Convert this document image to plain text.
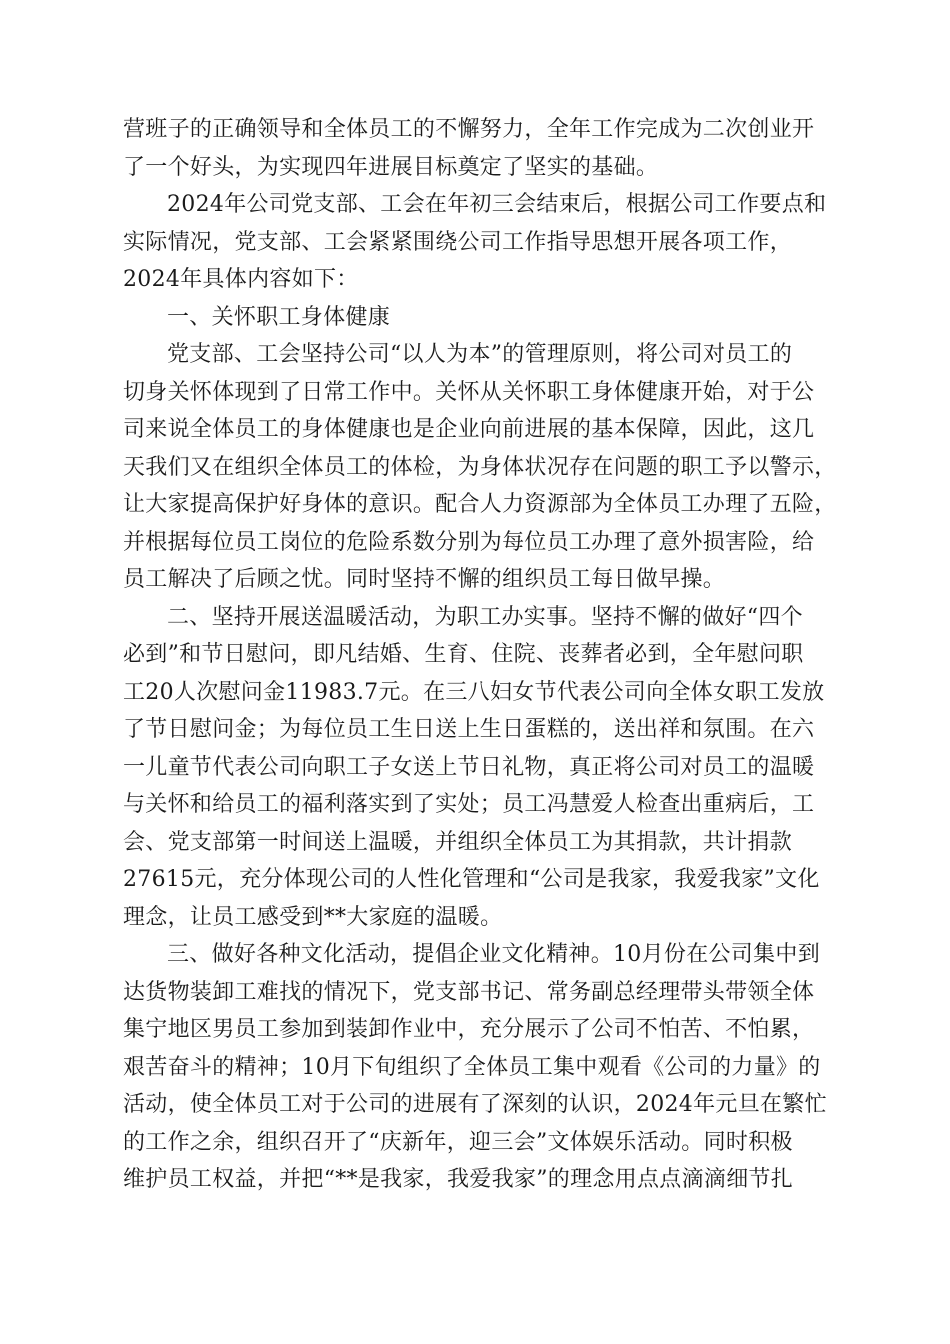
营班子的正确领导和全体员工的不懈努力，全年工作完成为二次创业开
了一个好头，为实现四年进展目标奠定了坚实的基础。
2024年公司党支部、工会在年初三会结束后，根据公司工作要点和
实际情况，党支部、工会紧紧围绕公司工作指导思想开展各项工作，
2024年具体内容如下：
一、关怀职工身体健康
党支部、工会坚持公司“以人为本”的管理原则，将公司对员工的
切身关怀体现到了日常工作中。关怀从关怀职工身体健康开始，对于公
司来说全体员工的身体健康也是企业向前进展的基本保障，因此，这几
天我们又在组织全体员工的体检，为身体状况存在问题的职工予以警示，
让大家提高保护好身体的意识。配合人力资源部为全体员工办理了五险，
并根据每位员工岗位的危险系数分别为每位员工办理了意外损害险，给
员工解决了后顾之忧。同时坚持不懈的组织员工每日做早操。
二、坚持开展送温暖活动，为职工办实事。坚持不懈的做好“四个
必到”和节日慰问，即凡结婚、生育、住院、丧葬者必到，全年慰问职
工20人次慰问金11983.7元。在三八妇女节代表公司向全体女职工发放
了节日慰问金；为每位员工生日送上生日蛋糕的，送出祥和氛围。在六
一儿童节代表公司向职工子女送上节日礼物，真正将公司对员工的温暖
与关怀和给员工的福利落实到了实处；员工冯慧爱人检查出重病后，工
会、党支部第一时间送上温暖，并组织全体员工为其捐款，共计捐款
27615元，充分体现公司的人性化管理和“公司是我家，我爱我家”文化
理念，让员工感受到**大家庭的温暖。
三、做好各种文化活动，提倡企业文化精神。10月份在公司集中到
达货物装卸工难找的情况下，党支部书记、常务副总经理带头带领全体
集宁地区男员工参加到装卸作业中，充分展示了公司不怕苦、不怕累，
艰苦奋斗的精神；10月下旬组织了全体员工集中观看《公司的力量》的
活动，使全体员工对于公司的进展有了深刻的认识，2024年元旦在繁忙
的工作之余，组织召开了“庆新年，迎三会”文体娱乐活动。同时积极
维护员工权益，并把“**是我家，我爱我家”的理念用点点滴滴细节扎
